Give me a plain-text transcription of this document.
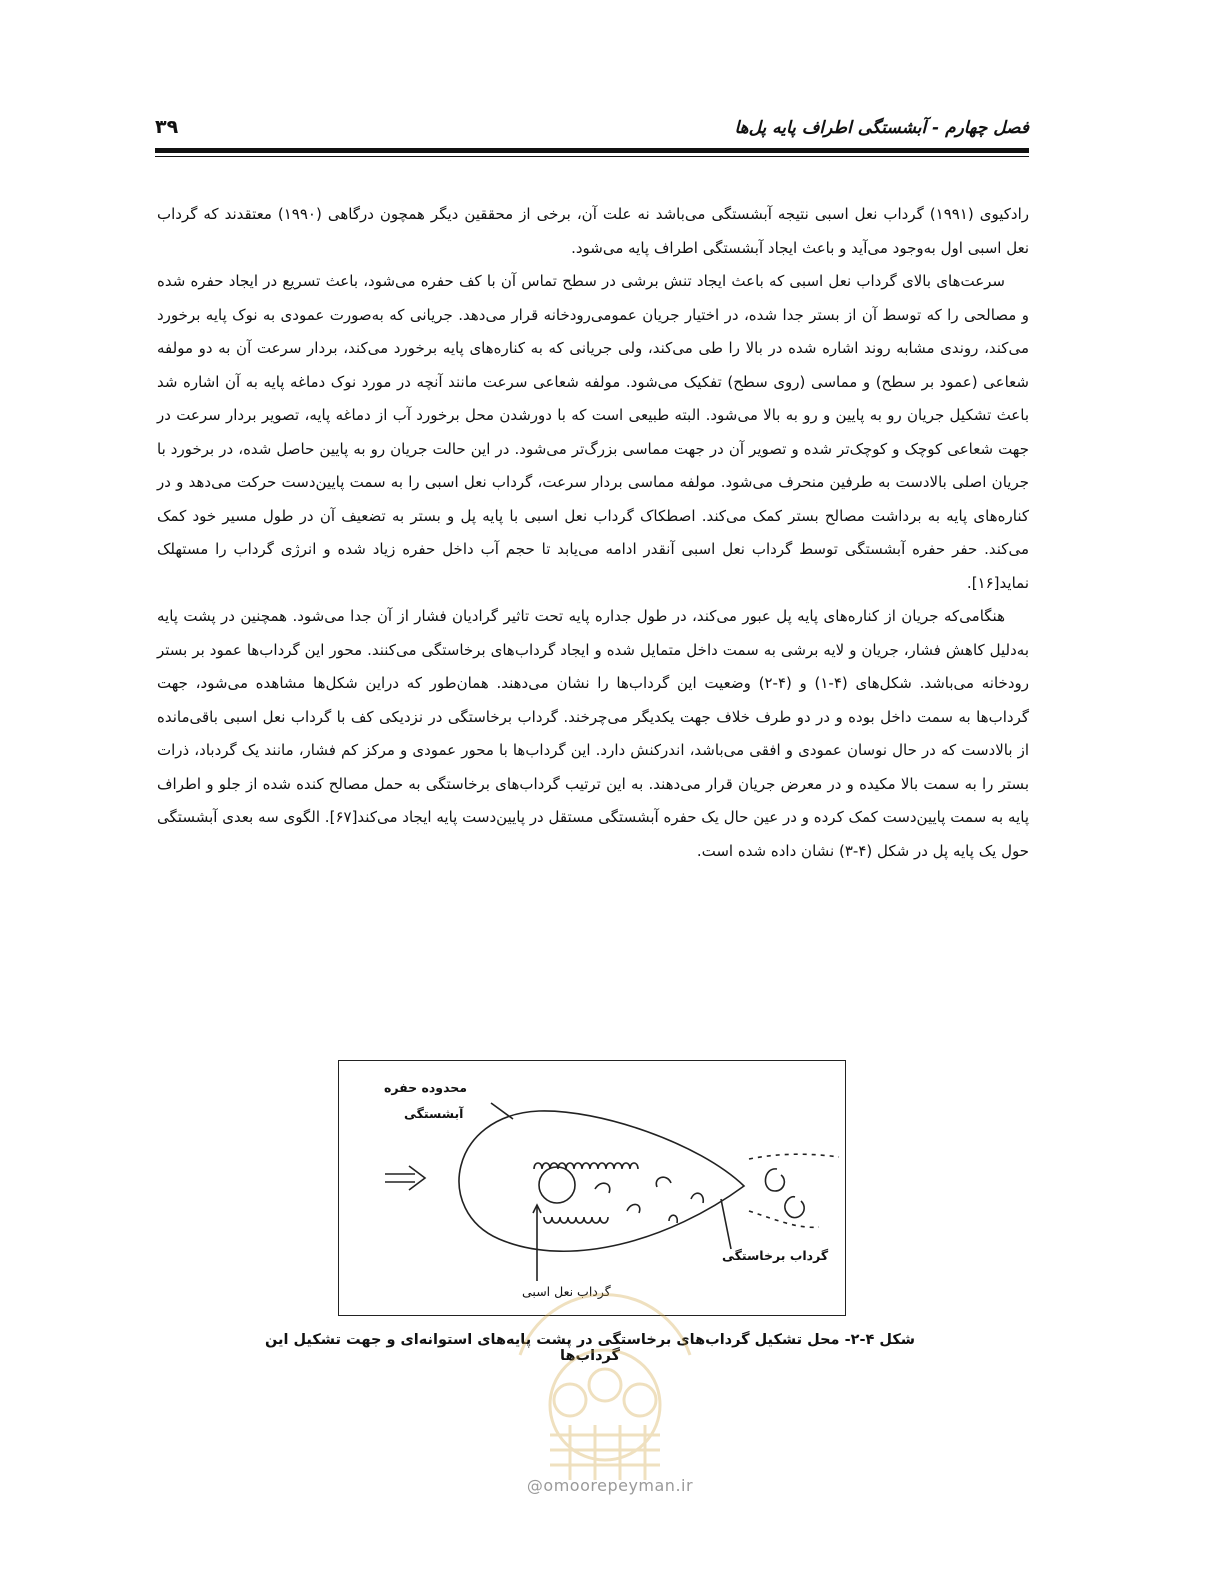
فصل چهارم - آبشستگی اطراف پایه پل‌ها
۳۹

رادکیوی (۱۹۹۱) گرداب نعل اسبی نتیجه آبشستگی می‌باشد نه علت آن، برخی از محققین دیگر همچون درگاهی (۱۹۹۰) معتقدند که گرداب نعل اسبی اول به‌وجود می‌آید و باعث ایجاد آبشستگی اطراف پایه می‌شود.

سرعت‌های بالای گرداب نعل اسبی که باعث ایجاد تنش برشی در سطح تماس آن با کف حفره می‌شود، باعث تسریع در ایجاد حفره شده و مصالحی را که توسط آن از بستر جدا شده، در اختیار جریان عمومی‌رودخانه قرار می‌دهد. جریانی که به‌صورت عمودی به نوک پایه برخورد می‌کند، روندی مشابه روند اشاره شده در بالا را طی می‌کند، ولی جریانی که به کناره‌های پایه برخورد می‌کند، بردار سرعت آن به دو مولفه شعاعی (عمود بر سطح) و مماسی (روی سطح) تفکیک می‌شود. مولفه شعاعی سرعت مانند آنچه در مورد نوک دماغه پایه به آن اشاره شد باعث تشکیل جریان رو به پایین و رو به بالا می‌شود. البته طبیعی است که با دورشدن محل برخورد آب از دماغه پایه، تصویر بردار سرعت در جهت شعاعی کوچک و کوچک‌تر شده و تصویر آن در جهت مماسی بزرگ‌تر می‌شود. در این حالت جریان رو به پایین حاصل شده، در برخورد با جریان اصلی بالادست به طرفین منحرف می‌شود. مولفه مماسی بردار سرعت، گرداب نعل اسبی را به سمت پایین‌دست حرکت می‌دهد و در کناره‌های پایه به برداشت مصالح بستر کمک می‌کند. اصطکاک گرداب نعل اسبی با پایه پل و بستر به تضعیف آن در طول مسیر خود کمک می‌کند. حفر حفره آبشستگی توسط گرداب نعل اسبی آنقدر ادامه می‌یابد تا حجم آب داخل حفره زیاد شده و انرژی گرداب را مستهلک نماید[۱۶].

هنگامی‌که جریان از کناره‌های پایه پل عبور می‌کند، در طول جداره پایه تحت تاثیر گرادیان فشار از آن جدا می‌شود. همچنین در پشت پایه به‌دلیل کاهش فشار، جریان و لایه برشی به سمت داخل متمایل شده و ایجاد گرداب‌های برخاستگی می‌کنند. محور این گرداب‌ها عمود بر بستر رودخانه می‌باشد. شکل‌های (۴-۱) و (۴-۲) وضعیت این گرداب‌ها را نشان می‌دهند. همان‌طور که دراین شکل‌ها مشاهده می‌شود، جهت گرداب‌ها به سمت داخل بوده و در دو طرف خلاف جهت یکدیگر می‌چرخند. گرداب برخاستگی در نزدیکی کف با گرداب نعل اسبی باقی‌مانده از بالادست که در حال نوسان عمودی و افقی می‌باشد، اندرکنش دارد. این گرداب‌ها با محور عمودی و مرکز کم فشار، مانند یک گردباد، ذرات بستر را به سمت بالا مکیده و در معرض جریان قرار می‌دهند. به این ترتیب گرداب‌های برخاستگی به حمل مصالح کنده شده از جلو و اطراف پایه به سمت پایین‌دست کمک کرده و در عین حال یک حفره آبشستگی مستقل در پایین‌دست پایه ایجاد می‌کند[۶۷]. الگوی سه بعدی آبشستگی حول یک پایه پل در شکل (۴-۳) نشان داده شده است.

محدوده حفره
آبشستگی
گرداب برخاستگی
گرداب نعل اسبی
شکل ۴-۲- محل تشکیل گرداب‌های برخاستگی در پشت پایه‌های استوانه‌ای و جهت تشکیل این گرداب‌ها
@omoorepeyman.ir
